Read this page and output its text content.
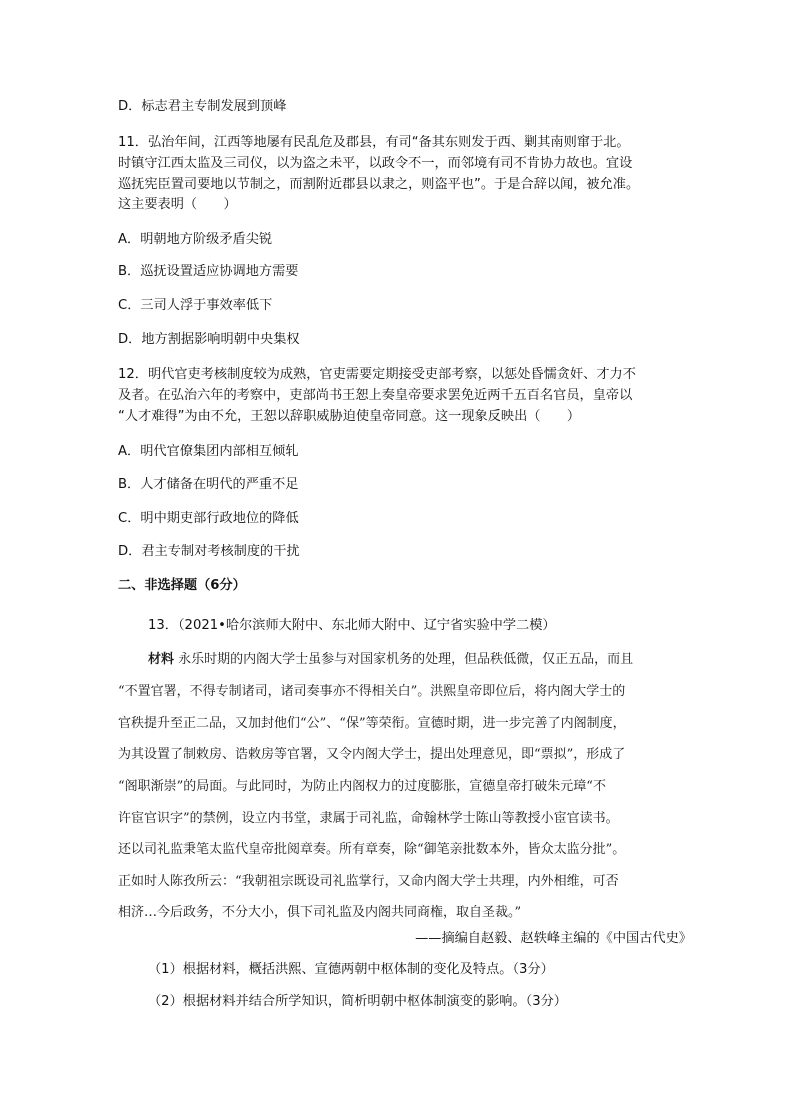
D．标志君主专制发展到顶峰
11．弘治年间，江西等地屡有民乱危及郡县，有司“备其东则发于西、剿其南则窜于北。
时镇守江西太监及三司仪，以为盗之未平，以政令不一，而邻境有司不肯协力故也。宜设
巡抚宪臣置司要地以节制之，而割附近郡县以隶之，则盗平也”。于是合辞以闻，被允准。
这主要表明（　　）
A．明朝地方阶级矛盾尖锐
B．巡抚设置适应协调地方需要
C．三司人浮于事效率低下
D．地方割据影响明朝中央集权
12．明代官吏考核制度较为成熟，官吏需要定期接受吏部考察，以惩处昏懦贪奸、才力不
及者。在弘治六年的考察中，吏部尚书王恕上奏皇帝要求罢免近两千五百名官员，皇帝以
“人才难得”为由不允，王恕以辞职威胁迫使皇帝同意。这一现象反映出（　　）
A．明代官僚集团内部相互倾轧
B．人才储备在明代的严重不足
C．明中期吏部行政地位的降低
D．君主专制对考核制度的干扰
二、非选择题（6分）
13．（2021•哈尔滨师大附中、东北师大附中、辽宁省实验中学二模）
材料 永乐时期的内阁大学士虽参与对国家机务的处理，但品秩低微，仅正五品，而且
“不置官署，不得专制诸司，诸司奏事亦不得相关白”。洪熙皇帝即位后，将内阁大学士的
官秩提升至正二品，又加封他们“公”、“保”等荣衔。宣德时期，进一步完善了内阁制度，
为其设置了制敕房、诰敕房等官署，又令内阁大学士，提出处理意见，即“票拟”，形成了
“阁职渐崇”的局面。与此同时，为防止内阁权力的过度膨胀，宣德皇帝打破朱元璋“不
许宦官识字”的禁例，设立内书堂，隶属于司礼监，命翰林学士陈山等教授小宦官读书。
还以司礼监秉笔太监代皇帝批阅章奏。所有章奏，除“御笔亲批数本外，皆众太监分批”。
正如时人陈孜所云：“我朝祖宗既设司礼监掌行，又命内阁大学士共理，内外相维，可否
相济…今后政务，不分大小，俱下司礼监及内阁共同商権，取自圣裁。”
——摘编自赵毅、赵轶峰主编的《中国古代史》
（1）根据材料，概括洪熙、宣德两朝中枢体制的变化及特点。（3分）
（2）根据材料并结合所学知识，简析明朝中枢体制演变的影响。（3分）
